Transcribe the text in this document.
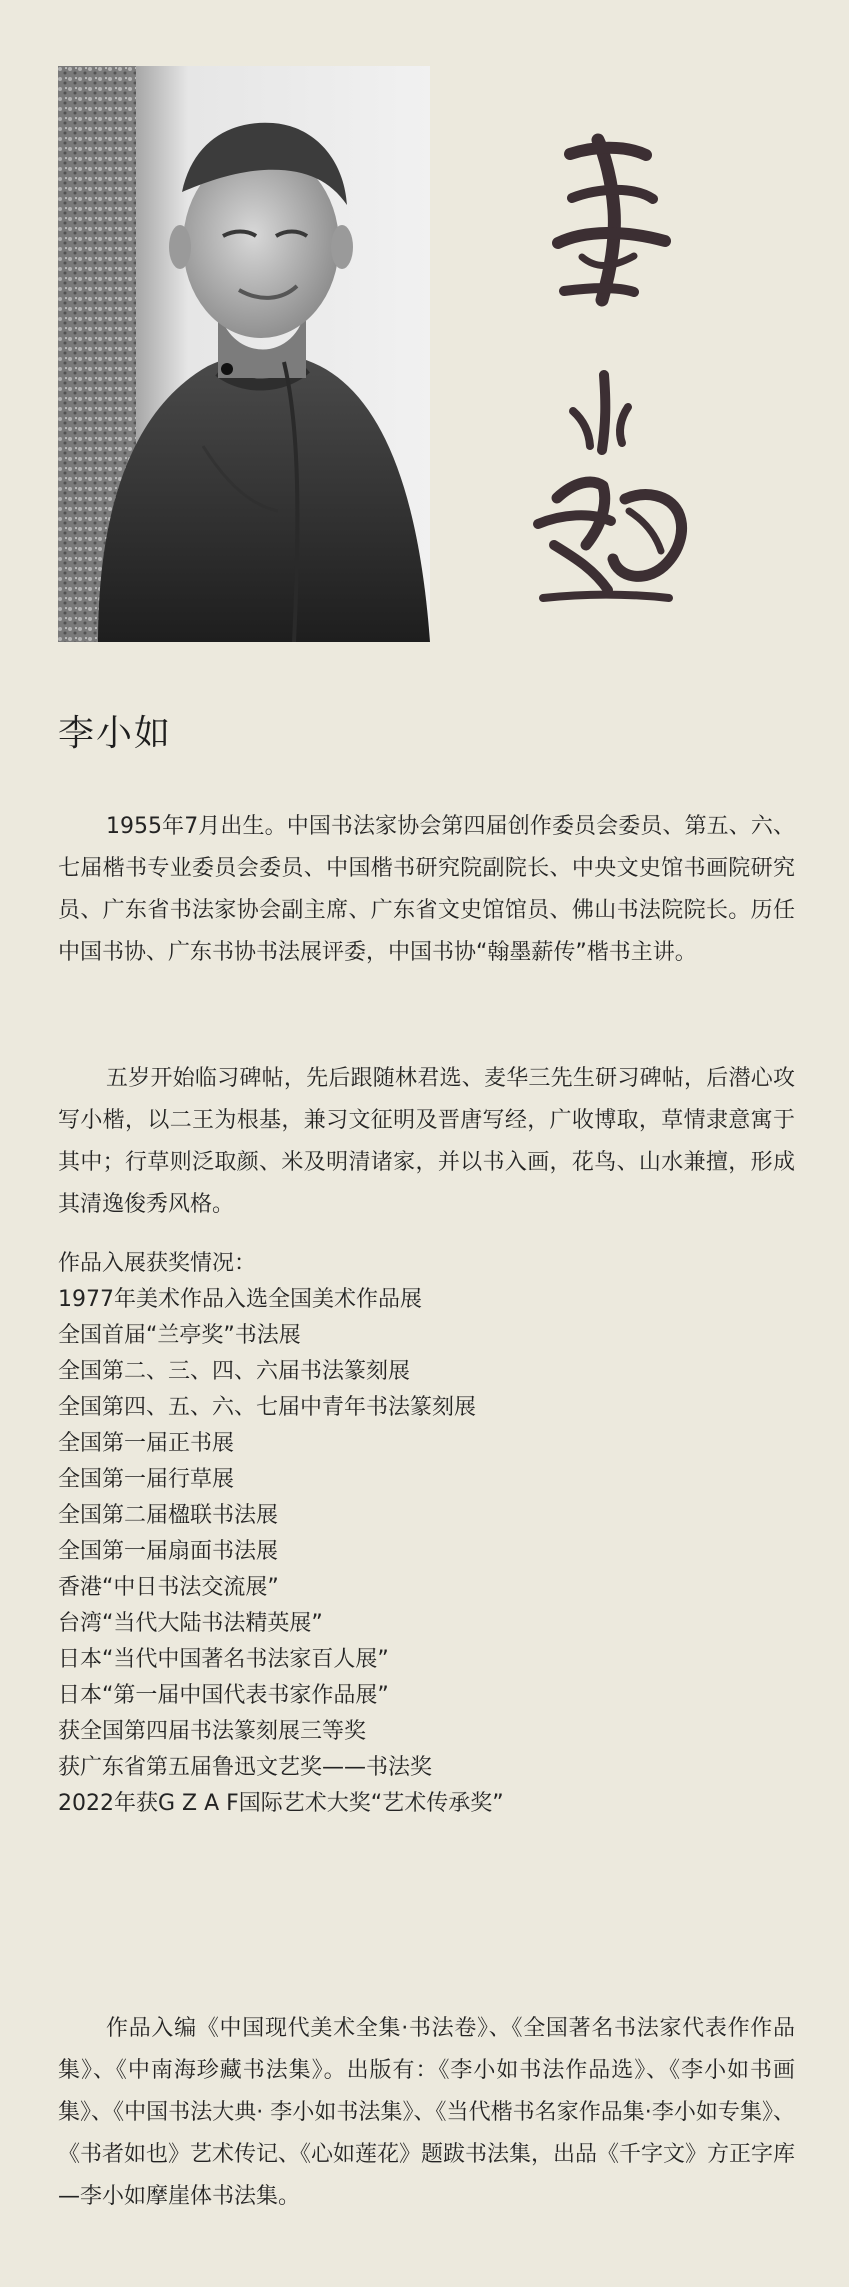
李小如

1955年7月出生。中国书法家协会第四届创作委员会委员、第五、六、七届楷书专业委员会委员、中国楷书研究院副院长、中央文史馆书画院研究员、广东省书法家协会副主席、广东省文史馆馆员、佛山书法院院长。历任中国书协、广东书协书法展评委，中国书协“翰墨薪传”楷书主讲。

五岁开始临习碑帖，先后跟随林君选、麦华三先生研习碑帖，后潜心攻写小楷，以二王为根基，兼习文征明及晋唐写经，广收博取，草情隶意寓于其中；行草则泛取颜、米及明清诸家，并以书入画，花鸟、山水兼擅，形成其清逸俊秀风格。

作品入展获奖情况：
1977年美术作品入选全国美术作品展
全国首届“兰亭奖”书法展
全国第二、三、四、六届书法篆刻展
全国第四、五、六、七届中青年书法篆刻展
全国第一届正书展
全国第一届行草展
全国第二届楹联书法展
全国第一届扇面书法展
香港“中日书法交流展”
台湾“当代大陆书法精英展”
日本“当代中国著名书法家百人展”
日本“第一届中国代表书家作品展”
获全国第四届书法篆刻展三等奖
获广东省第五届鲁迅文艺奖——书法奖
2022年获G Z A F国际艺术大奖“艺术传承奖”

作品入编《中国现代美术全集·书法卷》、《全国著名书法家代表作作品集》、《中南海珍藏书法集》。出版有：《李小如书法作品选》、《李小如书画集》、《中国书法大典· 李小如书法集》、《当代楷书名家作品集·李小如专集》、《书者如也》艺术传记、《心如莲花》题跋书法集，出品《千字文》方正字库—李小如摩崖体书法集。
